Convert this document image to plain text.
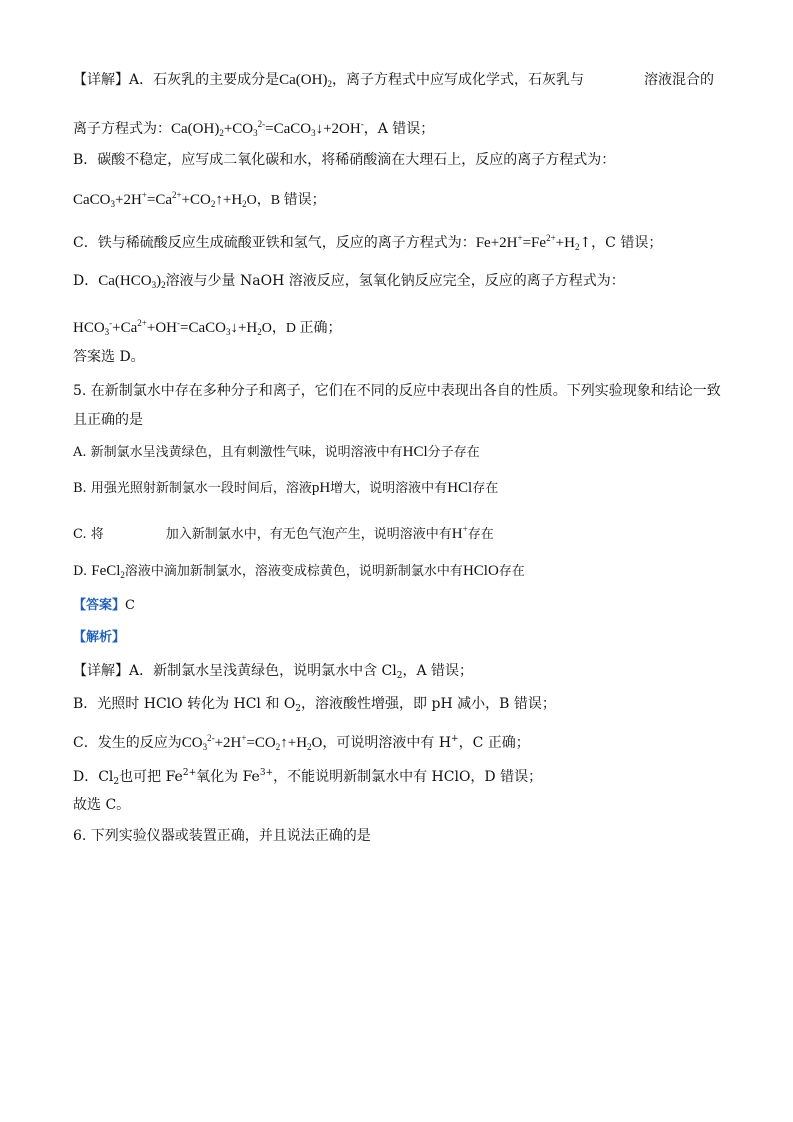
【详解】A．石灰乳的主要成分是$Ca(OH)_2$，离子方程式中应写成化学式，石灰乳与	溶液混合的
离子方程式为：$Ca(OH)_2+CO_3^{2-}=CaCO_3↓+2OH^-$，A 错误；
B．碳酸不稳定，应写成二氧化碳和水，将稀硝酸滴在大理石上，反应的离子方程式为：
$CaCO_3+2H^+=Ca^{2+}+CO_2↑+H_2O$，B 错误；
C．铁与稀硫酸反应生成硫酸亚铁和氢气，反应的离子方程式为：$Fe+2H^+=Fe^{2+}+H_2↑$，C 错误；
D．$Ca(HCO_3)_2$溶液与少量 NaOH 溶液反应，氢氧化钠反应完全，反应的离子方程式为：
$HCO_3^-+Ca^{2+}+OH^-=CaCO_3↓+H_2O$，D 正确；
答案选 D。
5. 在新制氯水中存在多种分子和离子，它们在不同的反应中表现出各自的性质。下列实验现象和结论一致
且正确的是
A. 新制氯水呈浅黄绿色，且有刺激性气味，说明溶液中有HCl分子存在
B. 用强光照射新制氯水一段时间后，溶液pH增大，说明溶液中有HCl存在
C. 将	加入新制氯水中，有无色气泡产生，说明溶液中有H+存在
D. FeCl$_2$溶液中滴加新制氯水，溶液变成棕黄色，说明新制氯水中有HClO存在
【答案】C
【解析】
【详解】A．新制氯水呈浅黄绿色，说明氯水中含 $Cl_2$，A 错误；
B．光照时 HClO 转化为 HCl 和 $O_2$，溶液酸性增强，即 pH 减小，B 错误；
C．发生的反应为$CO_3^{2-}+2H^+=CO_2↑+H_2O$，可说明溶液中有 H+，C 正确；
D．$Cl_2$也可把 $Fe^{2+}$氧化为 $Fe^{3+}$，不能说明新制氯水中有 HClO，D 错误；
故选 C。
6. 下列实验仪器或装置正确，并且说法正确的是
